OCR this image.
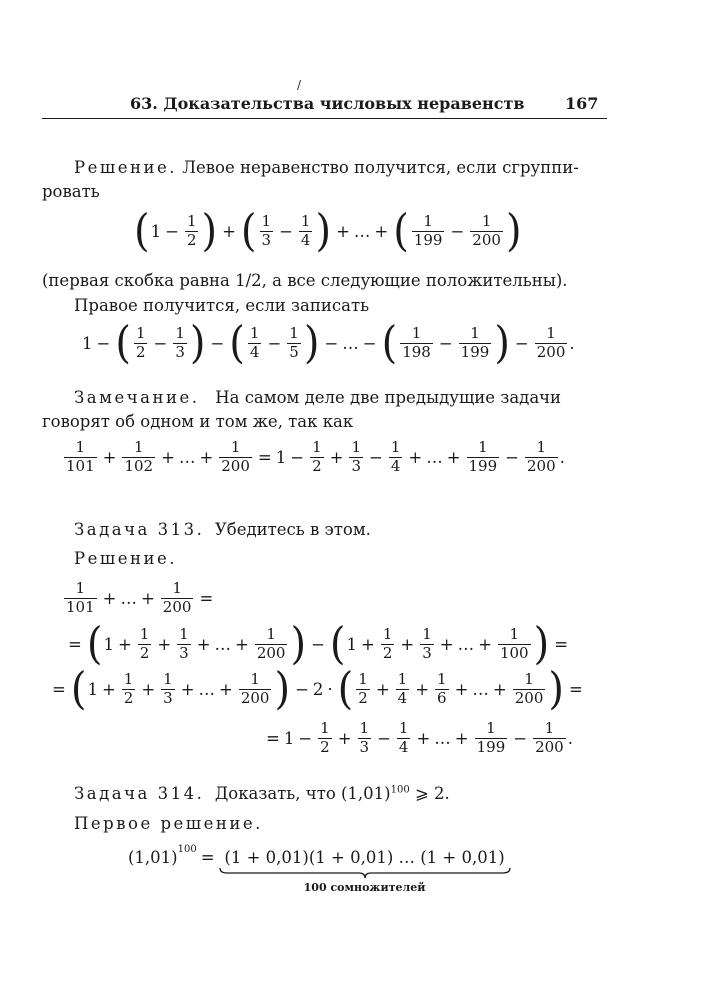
/
63. Доказательства числовых неравенств	167
Решение. Левое неравенство получится, если сгруппи-
ровать
( $1 - \frac{1}{2}$ ) + ( $\frac{1}{3} - \frac{1}{4}$ ) + … + ( $\frac{1}{199} - \frac{1}{200}$ )
(первая скобка равна 1/2, а все следующие положительны).
Правое получится, если записать
1 − ( $\frac{1}{2} - \frac{1}{3}$ ) − ( $\frac{1}{4} - \frac{1}{5}$ ) − … − ( $\frac{1}{198} - \frac{1}{199}$ ) − $\frac{1}{200}$ .
Замечание. На самом деле две предыдущие задачи
говорят об одном и том же, так как
$\frac{1}{101} + \frac{1}{102}$ + … + $\frac{1}{200} = 1 - \frac{1}{2} + \frac{1}{3} - \frac{1}{4}$ + … + $\frac{1}{199} - \frac{1}{200}$ .
Задача 313. Убедитесь в этом.
Решение.
$\frac{1}{101}$ + … + $\frac{1}{200}$ =
= ( $1 + \frac{1}{2} + \frac{1}{3}$ + … + $\frac{1}{200}$ ) − ( $1 + \frac{1}{2} + \frac{1}{3}$ + … + $\frac{1}{100}$ ) =
= ( $1 + \frac{1}{2} + \frac{1}{3}$ + … + $\frac{1}{200}$ ) − 2 · ( $\frac{1}{2} + \frac{1}{4} + \frac{1}{6}$ + … + $\frac{1}{200}$ ) =
= $1 - \frac{1}{2} + \frac{1}{3} - \frac{1}{4}$ + … + $\frac{1}{199} - \frac{1}{200}$ .
Задача 314. Доказать, что $(1,01)^{100}$ ⩾ 2.
Первое решение.
$(1,01)^{100} = (1 + 0,01)(1 + 0,01)$ … (1 + 0,01)
100 сомножителей
